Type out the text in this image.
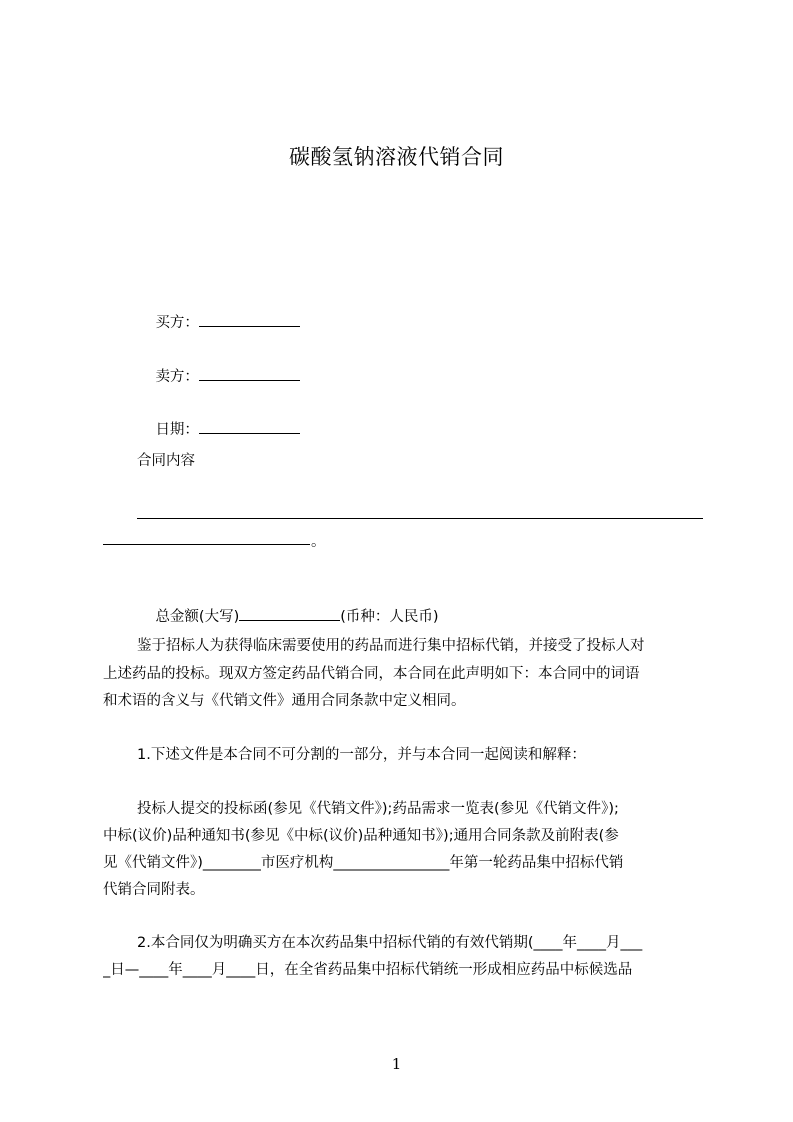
碳酸氢钠溶液代销合同

买方：

卖方：

日期：

合同内容
。

总金额(大写)	(币种：人民币)

鉴于招标人为获得临床需要使用的药品而进行集中招标代销，并接受了投标人对
上述药品的投标。现双方签定药品代销合同，本合同在此声明如下：本合同中的词语
和术语的含义与《代销文件》通用合同条款中定义相同。
1.下述文件是本合同不可分割的一部分，并与本合同一起阅读和解释：
投标人提交的投标函(参见《代销文件》);药品需求一览表(参见《代销文件》);
中标(议价)品种通知书(参见《中标(议价)品种通知书》);通用合同条款及前附表(参
见《代销文件》)________市医疗机构________________年第一轮药品集中招标代销
代销合同附表。
2.本合同仅为明确买方在本次药品集中招标代销的有效代销期(____年____月___
_日—____年____月____日，在全省药品集中招标代销统一形成相应药品中标候选品
1
